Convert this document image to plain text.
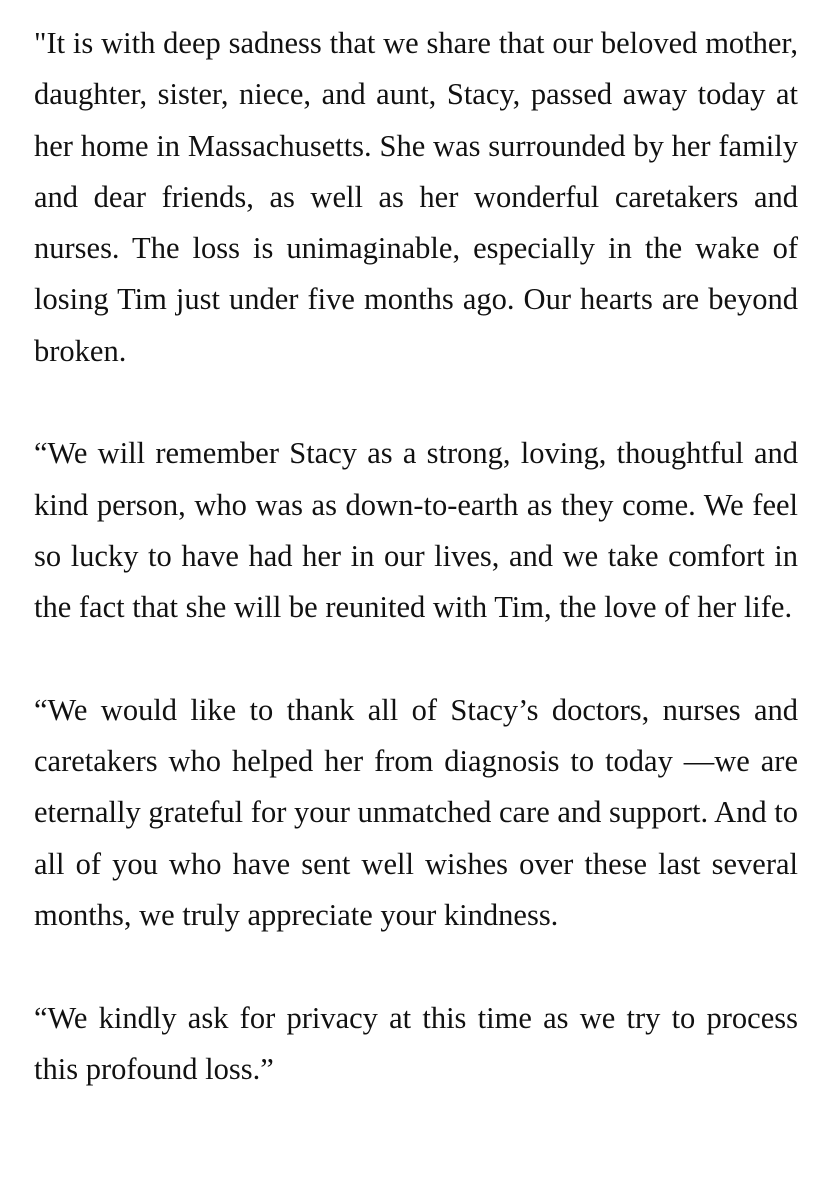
"It is with deep sadness that we share that our beloved mother, daughter, sister, niece, and aunt, Stacy, passed away today at her home in Massachusetts. She was surrounded by her family and dear friends, as well as her wonderful caretakers and nurses. The loss is unimaginable, especially in the wake of losing Tim just under five months ago. Our hearts are beyond broken.

“We will remember Stacy as a strong, loving, thoughtful and kind person, who was as down-to-earth as they come. We feel so lucky to have had her in our lives, and we take comfort in the fact that she will be reunited with Tim, the love of her life.

“We would like to thank all of Stacy’s doctors, nurses and caretakers who helped her from diagnosis to today —we are eternally grateful for your unmatched care and support. And to all of you who have sent well wishes over these last several months, we truly appreciate your kindness.

“We kindly ask for privacy at this time as we try to process this profound loss.”
